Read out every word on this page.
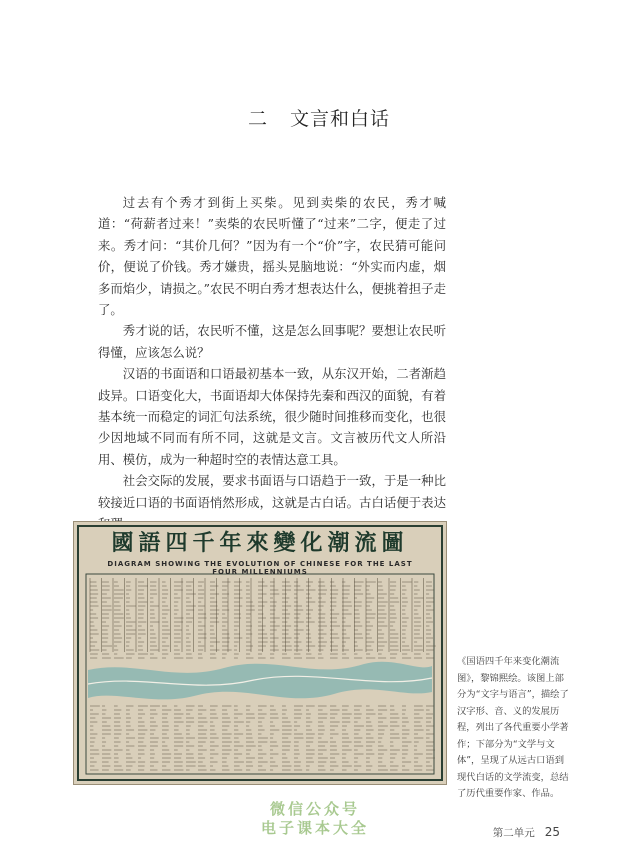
二 文言和白话

过去有个秀才到街上买柴。见到卖柴的农民，秀才喊道：“荷薪者过来！”卖柴的农民听懂了“过来”二字，便走了过来。秀才问：“其价几何？”因为有一个“价”字，农民猜可能问价，便说了价钱。秀才嫌贵，摇头晃脑地说：“外实而内虚，烟多而焰少，请损之。”农民不明白秀才想表达什么，便挑着担子走了。

秀才说的话，农民听不懂，这是怎么回事呢？要想让农民听得懂，应该怎么说？

汉语的书面语和口语最初基本一致，从东汉开始，二者渐趋歧异。口语变化大，书面语却大体保持先秦和西汉的面貌，有着基本统一而稳定的词汇句法系统，很少随时间推移而变化，也很少因地域不同而有所不同，这就是文言。文言被历代文人所沿用、模仿，成为一种超时空的表情达意工具。

社会交际的发展，要求书面语与口语趋于一致，于是一种比较接近口语的书面语悄然形成，这就是古白话。古白话便于表达

國語四千年來變化潮流圖
DIAGRAM SHOWING THE EVOLUTION OF CHINESE FOR THE LAST FOUR MILLENNIUMS
《国语四千年来变化潮流图》，黎锦熙绘。该图上部分为“文字与语言”，描绘了汉字形、音、义的发展历程，列出了各代重要小学著作；下部分为“文学与文体”，呈现了从远古口语到现代白话的文学流变，总结了历代重要作家、作品。
微信公众号
电子课本大全	第二单元 25
